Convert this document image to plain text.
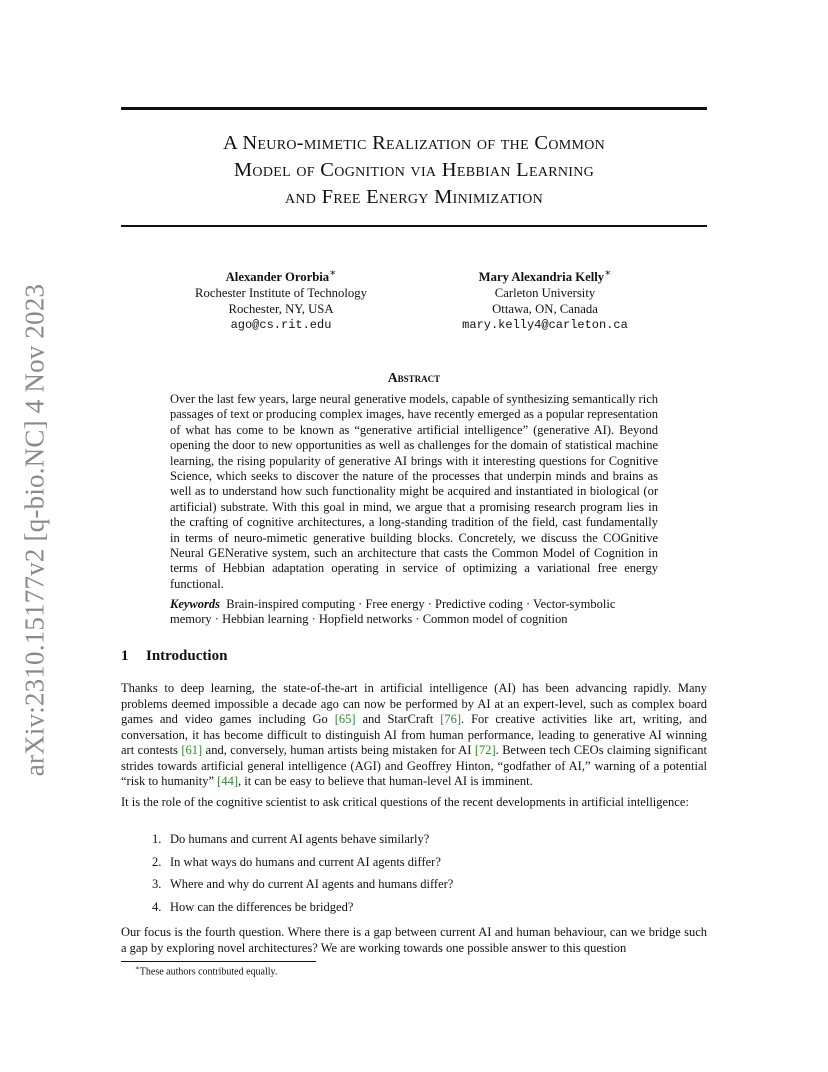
arXiv:2310.15177v2 [q-bio.NC] 4 Nov 2023
A Neuro-mimetic Realization of the Common
Model of Cognition via Hebbian Learning
and Free Energy Minimization
Alexander Ororbia∗
Rochester Institute of Technology
Rochester, NY, USA
ago@cs.rit.edu
Mary Alexandria Kelly∗
Carleton University
Ottawa, ON, Canada
mary.kelly4@carleton.ca
Abstract
Over the last few years, large neural generative models, capable of synthesizing semantically rich passages of text or producing complex images, have recently emerged as a popular representation of what has come to be known as “generative artificial intelligence” (generative AI). Beyond opening the door to new opportunities as well as challenges for the domain of statistical machine learning, the rising popularity of generative AI brings with it interesting questions for Cognitive Science, which seeks to discover the nature of the processes that underpin minds and brains as well as to understand how such functionality might be acquired and instantiated in biological (or artificial) substrate. With this goal in mind, we argue that a promising research program lies in the crafting of cognitive architectures, a long-standing tradition of the field, cast fundamentally in terms of neuro-mimetic generative building blocks. Concretely, we discuss the COGnitive Neural GENerative system, such an architecture that casts the Common Model of Cognition in terms of Hebbian adaptation operating in service of optimizing a variational free energy functional.
Keywords Brain-inspired computing · Free energy · Predictive coding · Vector-symbolic memory · Hebbian learning · Hopfield networks · Common model of cognition
1 Introduction
Thanks to deep learning, the state-of-the-art in artificial intelligence (AI) has been advancing rapidly. Many problems deemed impossible a decade ago can now be performed by AI at an expert-level, such as complex board games and video games including Go [65] and StarCraft [76]. For creative activities like art, writing, and conversation, it has become difficult to distinguish AI from human performance, leading to generative AI winning art contests [61] and, conversely, human artists being mistaken for AI [72]. Between tech CEOs claiming significant strides towards artificial general intelligence (AGI) and Geoffrey Hinton, “godfather of AI,” warning of a potential “risk to humanity” [44], it can be easy to believe that human-level AI is imminent.
It is the role of the cognitive scientist to ask critical questions of the recent developments in artificial intelligence:
1. Do humans and current AI agents behave similarly?
2. In what ways do humans and current AI agents differ?
3. Where and why do current AI agents and humans differ?
4. How can the differences be bridged?
Our focus is the fourth question. Where there is a gap between current AI and human behaviour, can we bridge such a gap by exploring novel architectures? We are working towards one possible answer to this question
∗These authors contributed equally.
